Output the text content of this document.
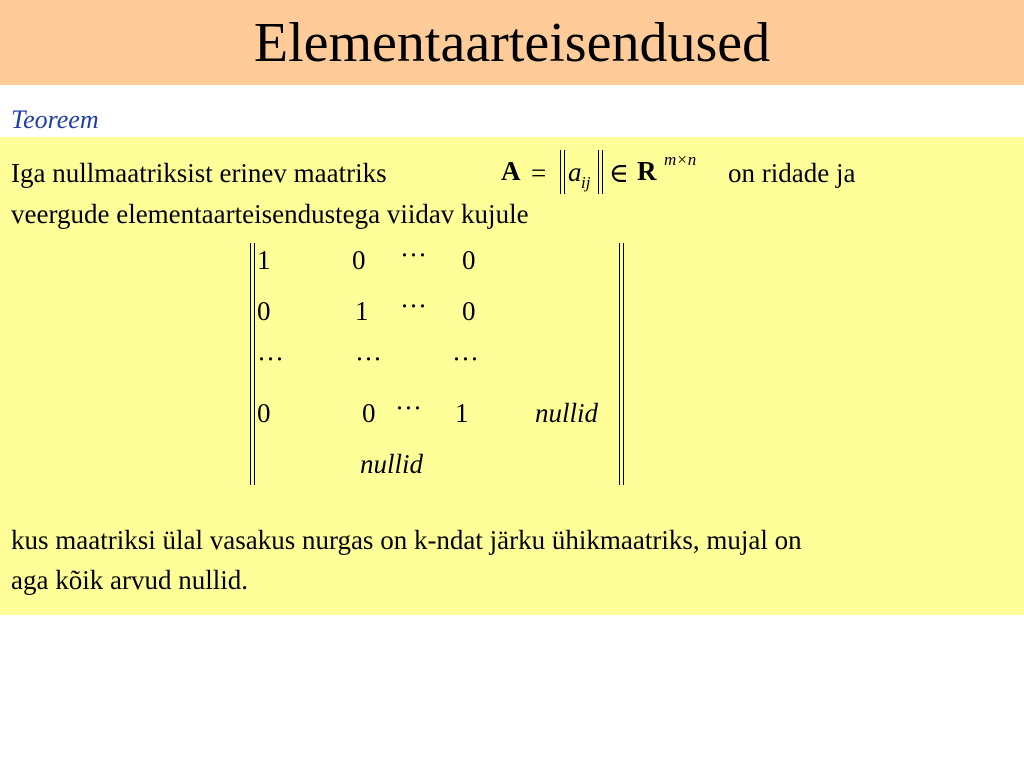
Elementaarteisendused
Teoreem
Iga nullmaatriksist erinev maatriks	A = a ij ∈ R m×n on ridade ja
veergude elementaarteisendustega viidav kujule
1	0 ··· 0
0	1 ··· 0
···	···	···
0	0 ··· 1 nullid
nullid
kus maatriksi ülal vasakus nurgas on k-ndat järku ühikmaatriks, mujal on
aga kõik arvud nullid.
